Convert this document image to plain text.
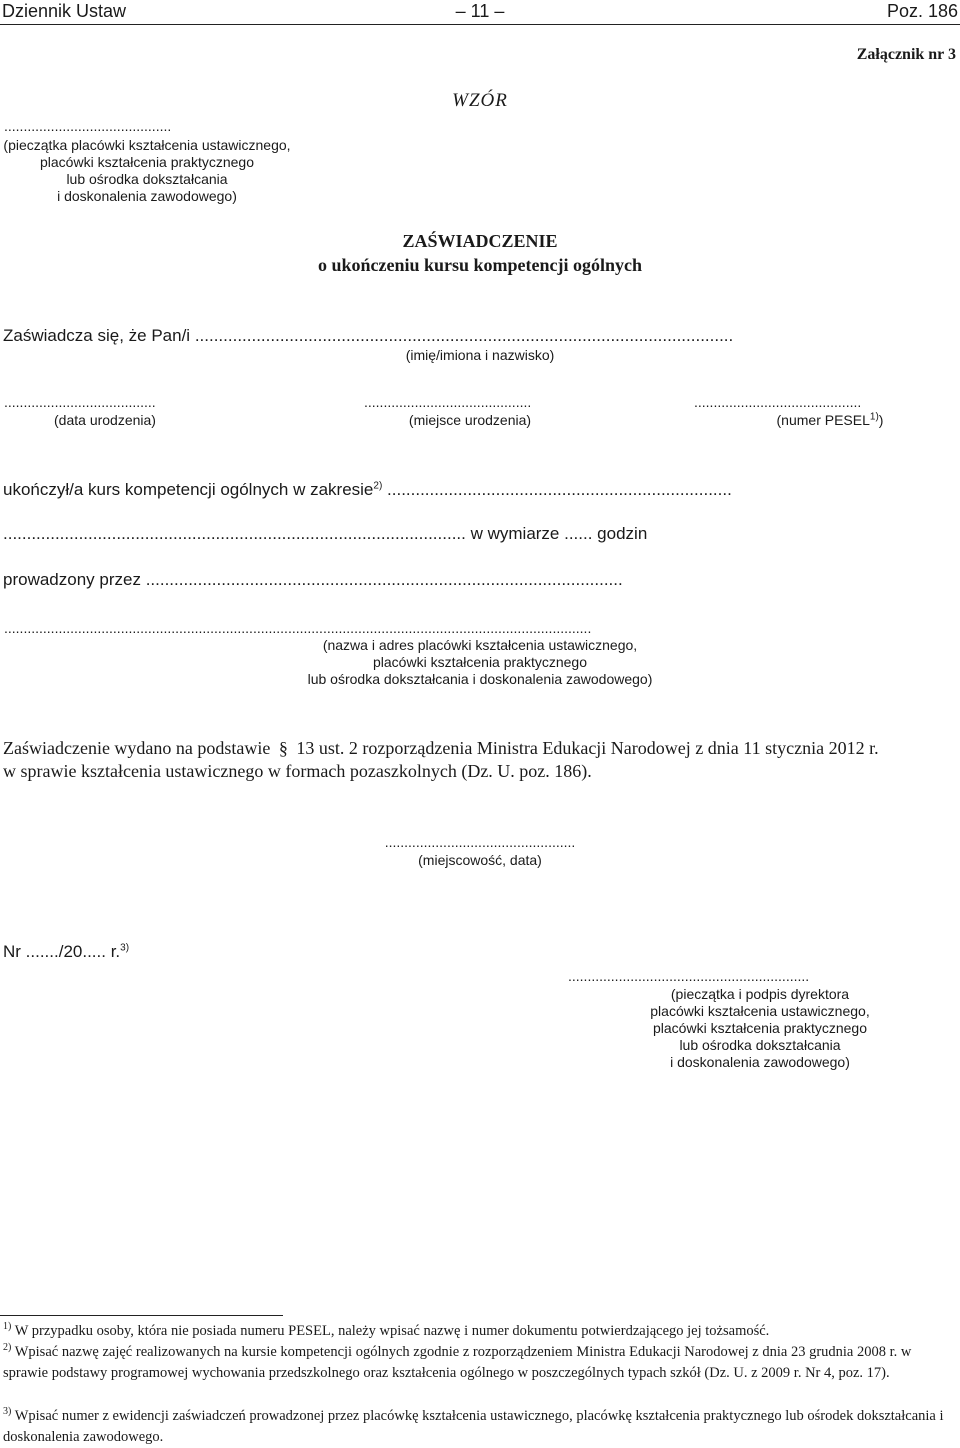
Dziennik Ustaw	– 11 –	Poz. 186
Załącznik nr 3
WZÓR
...........................................
(pieczątka placówki kształcenia ustawicznego,
placówki kształcenia praktycznego
lub ośrodka dokształcania
i doskonalenia zawodowego)
ZAŚWIADCZENIE
o ukończeniu kursu kompetencji ogólnych
Zaświadcza się, że Pan/i ..................................................................................................................
(imię/imiona i nazwisko)
.......................................	...........................................	...........................................
(data urodzenia)	(miejsce urodzenia)	(numer PESEL$^{1)}$)
ukończył/a kurs kompetencji ogólnych w zakresie$^{2)}$ .........................................................................
.................................................................................................. w wymiarze ...... godzin
prowadzony przez .....................................................................................................
.......................................................................................................................................................
(nazwa i adres placówki kształcenia ustawicznego,
placówki kształcenia praktycznego
lub ośrodka dokształcania i doskonalenia zawodowego)
Zaświadczenie wydano na podstawie § 13 ust. 2 rozporządzenia Ministra Edukacji Narodowej z dnia 11 stycznia 2012 r.
w sprawie kształcenia ustawicznego w formach pozaszkolnych (Dz. U. poz. 186).
.................................................
(miejscowość, data)
Nr ......./20..... r.$^{3)}$
..............................................................
(pieczątka i podpis dyrektora
placówki kształcenia ustawicznego,
placówki kształcenia praktycznego
lub ośrodka dokształcania
i doskonalenia zawodowego)
$^{1)}$ W przypadku osoby, która nie posiada numeru PESEL, należy wpisać nazwę i numer dokumentu potwierdzającego jej tożsamość.
$^{2)}$ Wpisać nazwę zajęć realizowanych na kursie kompetencji ogólnych zgodnie z rozporządzeniem Ministra Edukacji Narodowej z dnia 23 grudnia 2008 r. w sprawie podstawy programowej wychowania przedszkolnego oraz kształcenia ogólnego w poszczególnych typach szkół (Dz. U. z 2009 r. Nr 4, poz. 17).
$^{3)}$ Wpisać numer z ewidencji zaświadczeń prowadzonej przez placówkę kształcenia ustawicznego, placówkę kształcenia praktycznego lub ośrodek dokształcania i doskonalenia zawodowego.
